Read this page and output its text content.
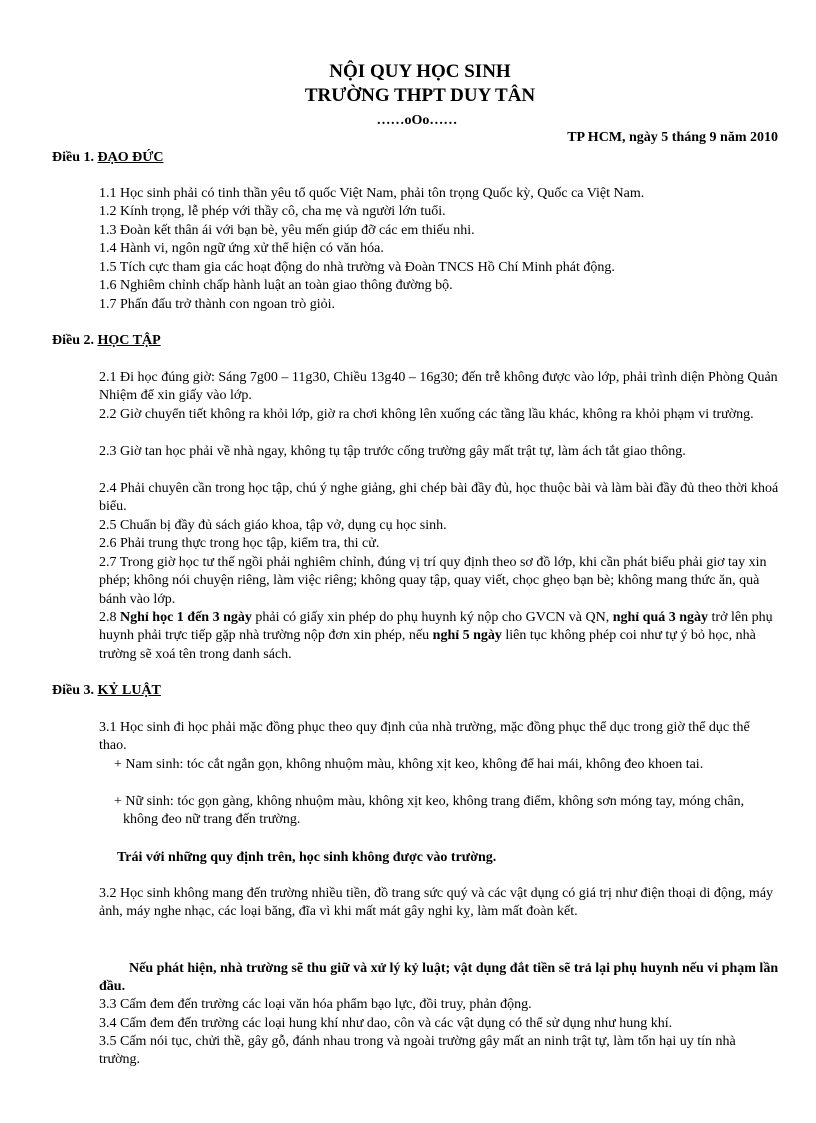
NỘI QUY HỌC SINH
TRƯỜNG THPT DUY TÂN
……oOo……
TP HCM, ngày 5 tháng 9 năm 2010
Điều 1. ĐẠO ĐỨC

1.1 Học sinh phải có tinh thần yêu tổ quốc Việt Nam, phải tôn trọng Quốc kỳ, Quốc ca Việt Nam.

1.2 Kính trọng, lễ phép với thầy cô, cha mẹ và người lớn tuổi.

1.3 Đoàn kết thân ái với bạn bè, yêu mến giúp đỡ các em thiếu nhi.

1.4 Hành vi, ngôn ngữ ứng xử thể hiện có văn hóa.

1.5 Tích cực tham gia các hoạt động do nhà trường và Đoàn TNCS Hồ Chí Minh phát động.

1.6 Nghiêm chỉnh chấp hành luật an toàn giao thông đường bộ.

1.7 Phấn đấu trở thành con ngoan trò giỏi.

Điều 2. HỌC TẬP

2.1 Đi học đúng giờ: Sáng 7g00 – 11g30, Chiều 13g40 – 16g30; đến trễ không được vào lớp, phải trình diện Phòng Quản Nhiệm để xin giấy vào lớp.

2.2 Giờ chuyển tiết không ra khỏi lớp, giờ ra chơi không lên xuống các tầng lầu khác, không ra khỏi phạm vi trường.

2.3 Giờ tan học phải về nhà ngay, không tụ tập trước cổng trường gây mất trật tự, làm ách tắt giao thông.

2.4 Phải chuyên cần trong học tập, chú ý nghe giảng, ghi chép bài đầy đủ, học thuộc bài và làm bài đầy đủ theo thời khoá biểu.

2.5 Chuẩn bị đầy đủ sách giáo khoa, tập vở, dụng cụ học sinh.

2.6 Phải trung thực trong học tập, kiểm tra, thi cử.

2.7 Trong giờ học tư thế ngồi phải nghiêm chỉnh, đúng vị trí quy định theo sơ đồ lớp, khi cần phát biểu phải giơ tay xin phép; không nói chuyện riêng, làm việc riêng; không quay tập, quay viết, chọc ghẹo bạn bè; không mang thức ăn, quà bánh vào lớp.

2.8 Nghỉ học 1 đến 3 ngày phải có giấy xin phép do phụ huynh ký nộp cho GVCN và QN, nghỉ quá 3 ngày trở lên phụ huynh phải trực tiếp gặp nhà trường nộp đơn xin phép, nếu nghỉ 5 ngày liên tục không phép coi như tự ý bỏ học, nhà trường sẽ xoá tên trong danh sách.

Điều 3. KỶ LUẬT

3.1 Học sinh đi học phải mặc đồng phục theo quy định của nhà trường, mặc đồng phục thể dục trong giờ thể dục thể thao.

+ Nam sinh: tóc cắt ngắn gọn, không nhuộm màu, không xịt keo, không để hai mái, không đeo khoen tai.

+ Nữ sinh: tóc gọn gàng, không nhuộm màu, không xịt keo, không trang điểm, không sơn móng tay, móng chân, không đeo nữ trang đến trường.

Trái với những quy định trên, học sinh không được vào trường.

3.2 Học sinh không mang đến trường nhiều tiền, đồ trang sức quý và các vật dụng có giá trị như điện thoại di động, máy ảnh, máy nghe nhạc, các loại băng, đĩa vì khi mất mát gây nghi kỵ, làm mất đoàn kết.

Nếu phát hiện, nhà trường sẽ thu giữ và xử lý kỷ luật; vật dụng đắt tiền sẽ trả lại phụ huynh nếu vi phạm lần đầu.

3.3 Cấm đem đến trường các loại văn hóa phẩm bạo lực, đồi truy, phản động.

3.4 Cấm đem đến trường các loại hung khí như dao, côn và các vật dụng có thể sử dụng như hung khí.

3.5 Cấm nói tục, chửi thề, gây gỗ, đánh nhau trong và ngoài trường gây mất an ninh trật tự, làm tổn hại uy tín nhà trường.
